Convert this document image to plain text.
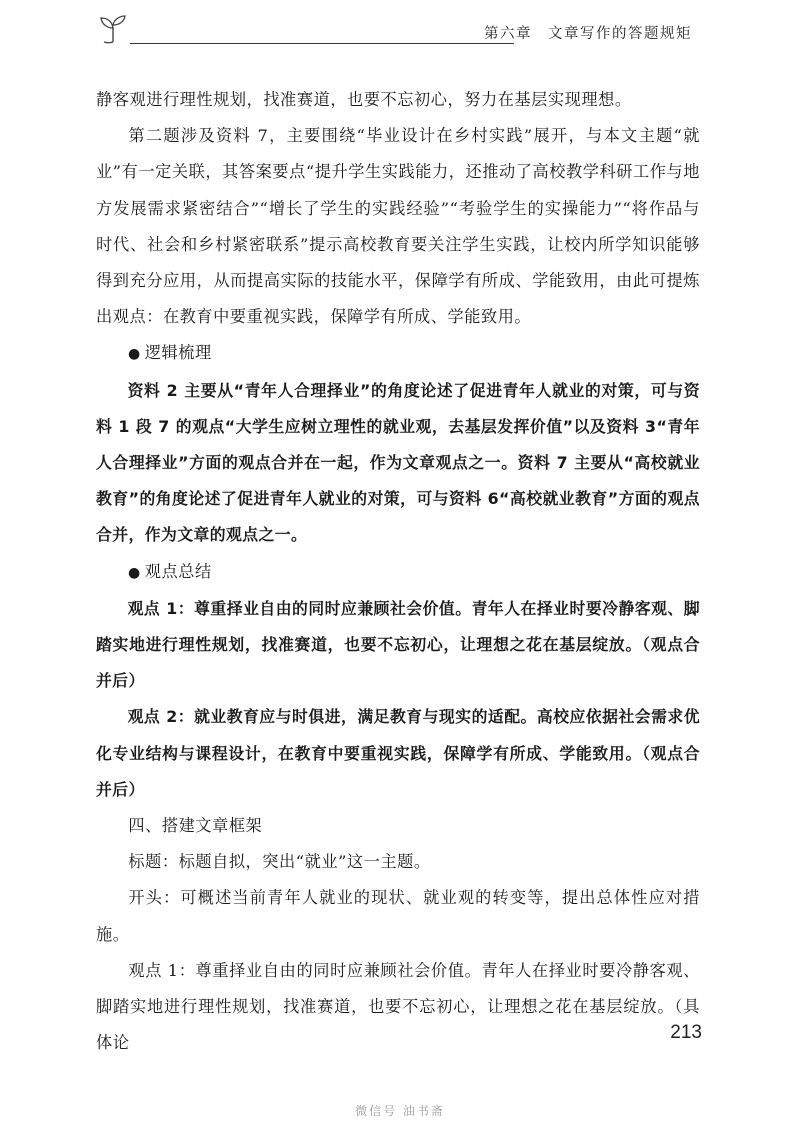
第六章　文章写作的答题规矩

静客观进行理性规划，找准赛道，也要不忘初心，努力在基层实现理想。

第二题涉及资料 7，主要围绕“毕业设计在乡村实践”展开，与本文主题“就业”有一定关联，其答案要点“提升学生实践能力，还推动了高校教学科研工作与地方发展需求紧密结合”“增长了学生的实践经验”“考验学生的实操能力”“将作品与时代、社会和乡村紧密联系”提示高校教育要关注学生实践，让校内所学知识能够得到充分应用，从而提高实际的技能水平，保障学有所成、学能致用，由此可提炼出观点：在教育中要重视实践，保障学有所成、学能致用。

● 逻辑梳理

资料 2 主要从“青年人合理择业”的角度论述了促进青年人就业的对策，可与资料 1 段 7 的观点“大学生应树立理性的就业观，去基层发挥价值”以及资料 3“青年人合理择业”方面的观点合并在一起，作为文章观点之一。资料 7 主要从“高校就业教育”的角度论述了促进青年人就业的对策，可与资料 6“高校就业教育”方面的观点合并，作为文章的观点之一。

● 观点总结

观点 1：尊重择业自由的同时应兼顾社会价值。青年人在择业时要冷静客观、脚踏实地进行理性规划，找准赛道，也要不忘初心，让理想之花在基层绽放。（观点合并后）

观点 2：就业教育应与时俱进，满足教育与现实的适配。高校应依据社会需求优化专业结构与课程设计，在教育中要重视实践，保障学有所成、学能致用。（观点合并后）

四、搭建文章框架

标题：标题自拟，突出“就业”这一主题。

开头：可概述当前青年人就业的现状、就业观的转变等，提出总体性应对措施。

观点 1：尊重择业自由的同时应兼顾社会价值。青年人在择业时要冷静客观、脚踏实地进行理性规划，找准赛道，也要不忘初心，让理想之花在基层绽放。（具体论	213
微信号 油书斋
